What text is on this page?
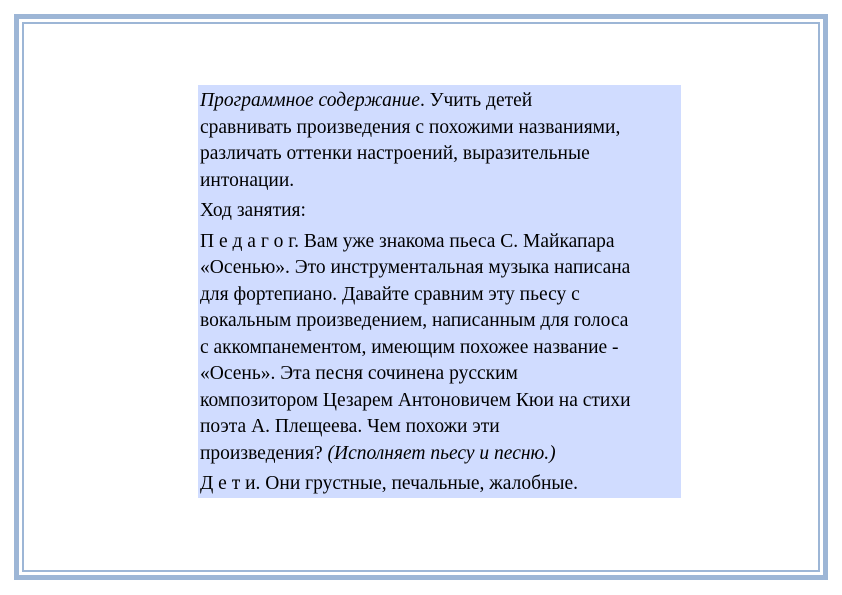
Программное содержание. Учить детей
сравнивать произведения с похожими названиями,
различать оттенки настроений, выразительные
интонации.

Ход занятия:

П е д а г о г. Вам уже знакома пьеса С. Майкапара
«Осенью». Это инструментальная музыка написана
для фортепиано. Давайте сравним эту пьесу с
вокальным произведением, написанным для голоса
с аккомпанементом, имеющим похожее название -
«Осень». Эта песня сочинена русским
композитором Цезарем Антоновичем Кюи на стихи
поэта А. Плещеева. Чем похожи эти
произведения? (Исполняет пьесу и песню.)

Д е т и. Они грустные, печальные, жалобные.
